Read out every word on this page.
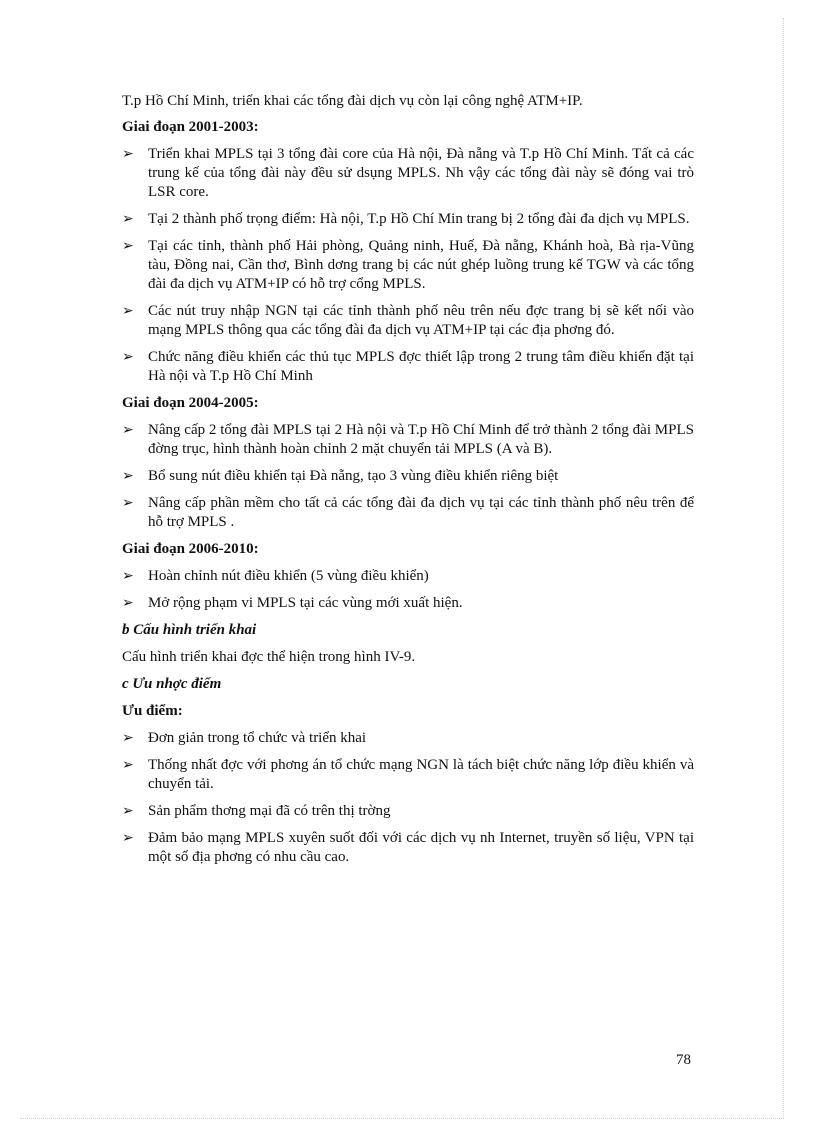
T.p Hồ Chí Minh, triển khai các tổng đài dịch vụ còn lại công nghệ ATM+IP.

Giai đoạn 2001-2003:

➢ Triển khai MPLS tại 3 tổng đài core của Hà nội, Đà nẵng và T.p Hồ Chí Minh. Tất cả các trung kế của tổng đài này đều sử dsụng MPLS. Nh vậy các tổng đài này sẽ đóng vai trò LSR core.

➢ Tại 2 thành phố trọng điểm: Hà nội, T.p Hồ Chí Min trang bị 2 tổng đài đa dịch vụ MPLS.

➢ Tại các tỉnh, thành phố Hải phòng, Quảng ninh, Huế, Đà nẵng, Khánh hoà, Bà rịa-Vũng tàu, Đồng nai, Cần thơ, Bình dơng trang bị các nút ghép luồng trung kế TGW và các tổng đài đa dịch vụ ATM+IP có hỗ trợ cổng MPLS.

➢ Các nút truy nhập NGN tại các tỉnh thành phố nêu trên nếu đợc trang bị sẽ kết nối vào mạng MPLS thông qua các tổng đài đa dịch vụ ATM+IP tại các địa phơng đó.

➢ Chức năng điều khiển các thủ tục MPLS đợc thiết lập trong 2 trung tâm điều khiển đặt tại Hà nội và T.p Hồ Chí Minh

Giai đoạn 2004-2005:

➢ Nâng cấp 2 tổng đài MPLS tại 2 Hà nội và T.p Hồ Chí Minh để trở thành 2 tổng đài MPLS đờng trục, hình thành hoàn chỉnh 2 mặt chuyển tải MPLS (A và B).

➢ Bổ sung nút điều khiển tại Đà nẵng, tạo 3 vùng điều khiển riêng biệt

➢ Nâng cấp phần mềm cho tất cả các tổng đài đa dịch vụ tại các tỉnh thành phố nêu trên để hỗ trợ MPLS .

Giai đoạn 2006-2010:

➢ Hoàn chỉnh nút điều khiển (5 vùng điều khiển)

➢ Mở rộng phạm vi MPLS tại các vùng mới xuất hiện.

b Cấu hình triển khai

Cấu hình triển khai đợc thể hiện trong hình IV-9.

c Ưu nhợc điểm

Ưu điểm:

➢ Đơn giản trong tổ chức và triển khai

➢ Thống nhất đợc với phơng án tổ chức mạng NGN là tách biệt chức năng lớp điều khiển và chuyển tải.

➢ Sản phẩm thơng mại đã có trên thị trờng

➢ Đảm bảo mạng MPLS xuyên suốt đối với các dịch vụ nh Internet, truyền số liệu, VPN tại một số địa phơng có nhu cầu cao.

78
